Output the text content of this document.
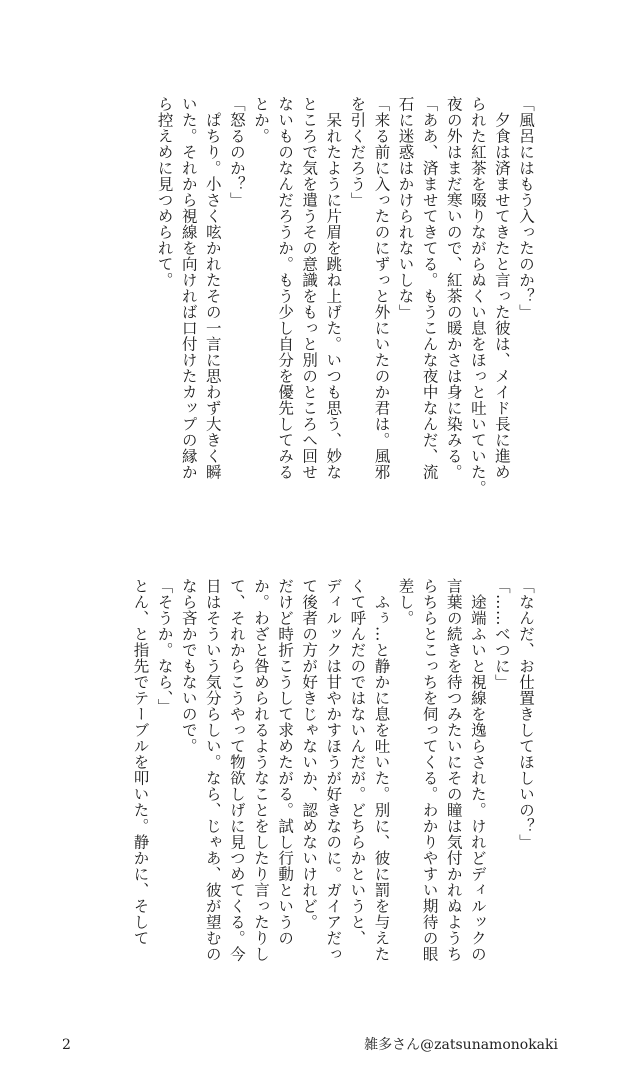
「風呂にはもう入ったのか？」
　夕食は済ませてきたと言った彼は、メイド長に進め
られた紅茶を啜りながらぬくい息をほっと吐いていた。
夜の外はまだ寒いので、紅茶の暖かさは身に染みる。
「ああ、済ませてきてる。もうこんな夜中なんだ、流
石に迷惑はかけられないしな」
「来る前に入ったのにずっと外にいたのか君は。風邪
を引くだろう」
　呆れたように片眉を跳ね上げた。いつも思う、妙な
ところで気を遣うその意識をもっと別のところへ回せ
ないものなんだろうか。もう少し自分を優先してみる
とか。
「怒るのか？」
　ぱちり。小さく呟かれたその一言に思わず大きく瞬
いた。それから視線を向ければ口付けたカップの縁か
ら控えめに見つめられて。
「なんだ、お仕置きしてほしいの？」
「……べつに」
　途端ふいと視線を逸らされた。けれどディルックの
言葉の続きを待つみたいにその瞳は気付かれぬようち
らちらとこっちを伺ってくる。わかりやすい期待の眼
差し。
　ふぅ…と静かに息を吐いた。別に、彼に罰を与えた
くて呼んだのではないんだが。どちらかというと、
ディルックは甘やかすほうが好きなのに。ガイアだっ
て後者の方が好きじゃないか、認めないけれど。
だけど時折こうして求めたがる。試し行動というの
か。わざと咎められるようなことをしたり言ったりし
て、それからこうやって物欲しげに見つめてくる。今
日はそういう気分らしい。なら、じゃあ、彼が望むの
なら吝かでもないので。
「そうか。なら、」
とん、と指先でテーブルを叩いた。静かに、そして
2	雑多さん@zatsunamonokaki
